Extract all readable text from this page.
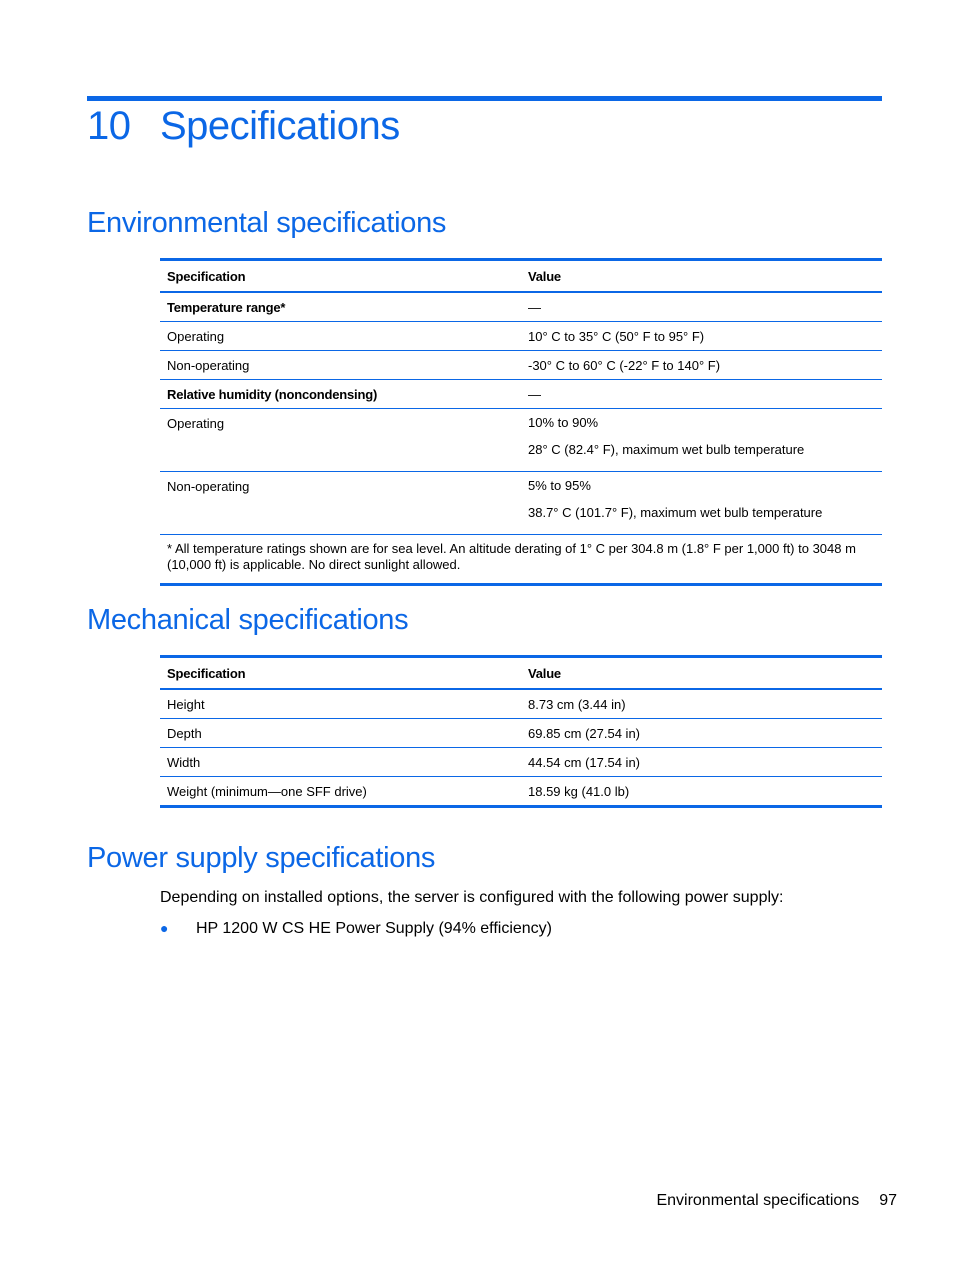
10 Specifications
Environmental specifications
Specification	Value
Temperature range*	—
Operating	10° C to 35° C (50° F to 95° F)
Non-operating	-30° C to 60° C (-22° F to 140° F)
Relative humidity (noncondensing)	—
Operating	10% to 90%
28° C (82.4° F), maximum wet bulb temperature

Non-operating	5% to 95%
38.7° C (101.7° F), maximum wet bulb temperature

* All temperature ratings shown are for sea level. An altitude derating of 1° C per 304.8 m (1.8° F per 1,000 ft) to 3048 m (10,000 ft) is applicable. No direct sunlight allowed.	
Mechanical specifications
Specification	Value
Height	8.73 cm (3.44 in)
Depth	69.85 cm (27.54 in)
Width	44.54 cm (17.54 in)
Weight (minimum—one SFF drive)	18.59 kg (41.0 lb)
Power supply specifications

Depending on installed options, the server is configured with the following power supply:

● HP 1200 W CS HE Power Supply (94% efficiency)
Environmental specifications 97
